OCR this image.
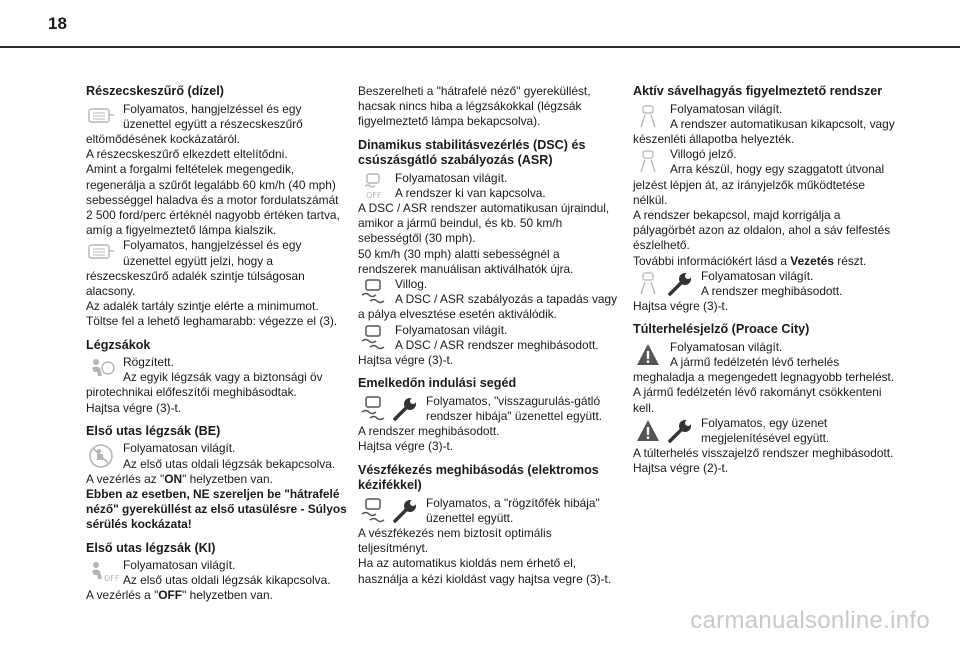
18
Részecskeszűrő (dízel)

Folyamatos, hangjelzéssel és egy üzenettel együtt a részecskeszűrő eltömődésének kockázatáról.

A részecskeszűrő elkezdett eltelítődni.

Amint a forgalmi feltételek megengedik, regenerálja a szűrőt legalább 60 km/h (40 mph) sebességgel haladva és a motor fordulatszámát 2 500 ford/perc értéknél nagyobb értéken tartva, amíg a figyelmeztető lámpa kialszik.

Folyamatos, hangjelzéssel és egy üzenettel együtt jelzi, hogy a részecskeszűrő adalék szintje túlságosan alacsony.

Az adalék tartály szintje elérte a minimumot.

Töltse fel a lehető leghamarabb: végezze el (3).

Légzsákok

Rögzített.

Az egyik légzsák vagy a biztonsági öv pirotechnikai előfeszítői meghibásodtak.

Hajtsa végre (3)-t.

Első utas légzsák (BE)

Folyamatosan világít.

Az első utas oldali légzsák bekapcsolva.

A vezérlés az "ON" helyzetben van.

Ebben az esetben, NE szereljen be "hátrafelé néző" gyereküllést az első utasülésre - Súlyos sérülés kockázata!

Első utas légzsák (KI)
OFF

Folyamatosan világít.

Az első utas oldali légzsák kikapcsolva.

A vezérlés a "OFF" helyzetben van.

Beszerelheti a "hátrafelé néző" gyereküllést, hacsak nincs hiba a légzsákokkal (légzsák figyelmeztető lámpa bekapcsolva).

Dinamikus stabilitásvezérlés (DSC) és csúszásgátló szabályozás (ASR)
OFF

Folyamatosan világít.

A rendszer ki van kapcsolva.

A DSC / ASR rendszer automatikusan újraindul, amikor a jármű beindul, és kb. 50 km/h sebességtől (30 mph).

50 km/h (30 mph) alatti sebességnél a rendszerek manuálisan aktiválhatók újra.

Villog.

A DSC / ASR szabályozás a tapadás vagy a pálya elvesztése esetén aktiválódik.

Folyamatosan világít.

A DSC / ASR rendszer meghibásodott.

Hajtsa végre (3)-t.

Emelkedőn indulási segéd

Folyamatos, "visszagurulás-gátló rendszer hibája" üzenettel együtt.

A rendszer meghibásodott.

Hajtsa végre (3)-t.

Vészfékezés meghibásodás (elektromos kézifékkel)

Folyamatos, a "rögzítőfék hibája" üzenettel együtt.

A vészfékezés nem biztosít optimális teljesítményt.

Ha az automatikus kioldás nem érhető el, használja a kézi kioldást vagy hajtsa vegre (3)-t.

Aktív sávelhagyás figyelmeztető rendszer

Folyamatosan világít.

A rendszer automatikusan kikapcsolt, vagy készenléti állapotba helyezték.

Villogó jelző.

Arra készül, hogy egy szaggatott útvonal jelzést lépjen át, az irányjelzők működtetése nélkül.

A rendszer bekapcsol, majd korrigálja a pályagörbét azon az oldalon, ahol a sáv felfestés észlelhető.

További információkért lásd a Vezetés részt.

Folyamatosan világít.

A rendszer meghibásodott.

Hajtsa végre (3)-t.

Túlterhelésjelző (Proace City)

Folyamatosan világít.

A jármű fedélzetén lévő terhelés meghaladja a megengedett legnagyobb terhelést.

A jármű fedélzetén lévő rakományt csökkenteni kell.

Folyamatos, egy üzenet megjelenítésével együtt.

A túlterhelés visszajelző rendszer meghibásodott.

Hajtsa végre (2)-t.

carmanualsonline.info
